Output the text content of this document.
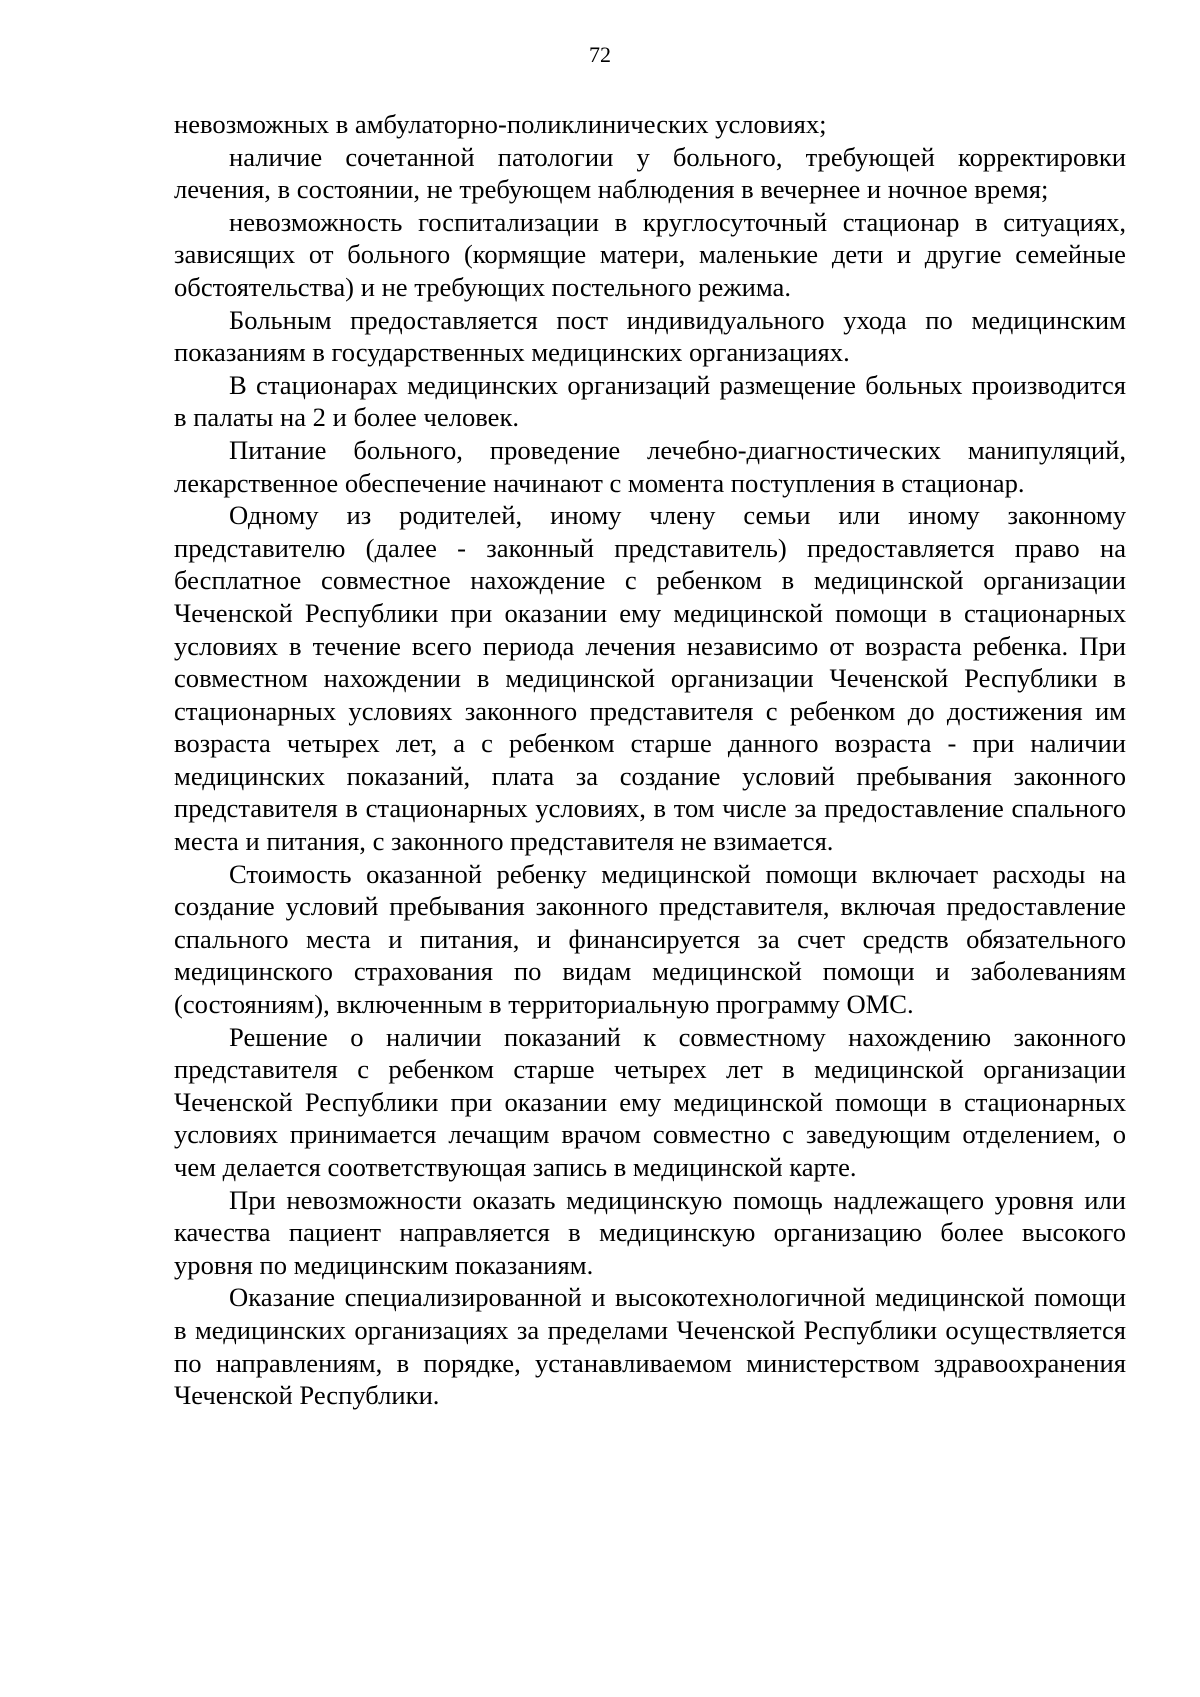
72

невозможных в амбулаторно-поликлинических условиях;

наличие сочетанной патологии у больного, требующей корректировки лечения, в состоянии, не требующем наблюдения в вечернее и ночное время;

невозможность госпитализации в круглосуточный стационар в ситуациях, зависящих от больного (кормящие матери, маленькие дети и другие семейные обстоятельства) и не требующих постельного режима.

Больным предоставляется пост индивидуального ухода по медицинским показаниям в государственных медицинских организациях.

В стационарах медицинских организаций размещение больных производится в палаты на 2 и более человек.

Питание больного, проведение лечебно-диагностических манипуляций, лекарственное обеспечение начинают с момента поступления в стационар.

Одному из родителей, иному члену семьи или иному законному представителю (далее - законный представитель) предоставляется право на бесплатное совместное нахождение с ребенком в медицинской организации Чеченской Республики при оказании ему медицинской помощи в стационарных условиях в течение всего периода лечения независимо от возраста ребенка. При совместном нахождении в медицинской организации Чеченской Республики в стационарных условиях законного представителя с ребенком до достижения им возраста четырех лет, а с ребенком старше данного возраста - при наличии медицинских показаний, плата за создание условий пребывания законного представителя в стационарных условиях, в том числе за предоставление спального места и питания, с законного представителя не взимается.

Стоимость оказанной ребенку медицинской помощи включает расходы на создание условий пребывания законного представителя, включая предоставление спального места и питания, и финансируется за счет средств обязательного медицинского страхования по видам медицинской помощи и заболеваниям (состояниям), включенным в территориальную программу ОМС.

Решение о наличии показаний к совместному нахождению законного представителя с ребенком старше четырех лет в медицинской организации Чеченской Республики при оказании ему медицинской помощи в стационарных условиях принимается лечащим врачом совместно с заведующим отделением, о чем делается соответствующая запись в медицинской карте.

При невозможности оказать медицинскую помощь надлежащего уровня или качества пациент направляется в медицинскую организацию более высокого уровня по медицинским показаниям.

Оказание специализированной и высокотехнологичной медицинской помощи в медицинских организациях за пределами Чеченской Республики осуществляется по направлениям, в порядке, устанавливаемом министерством здравоохранения Чеченской Республики.
